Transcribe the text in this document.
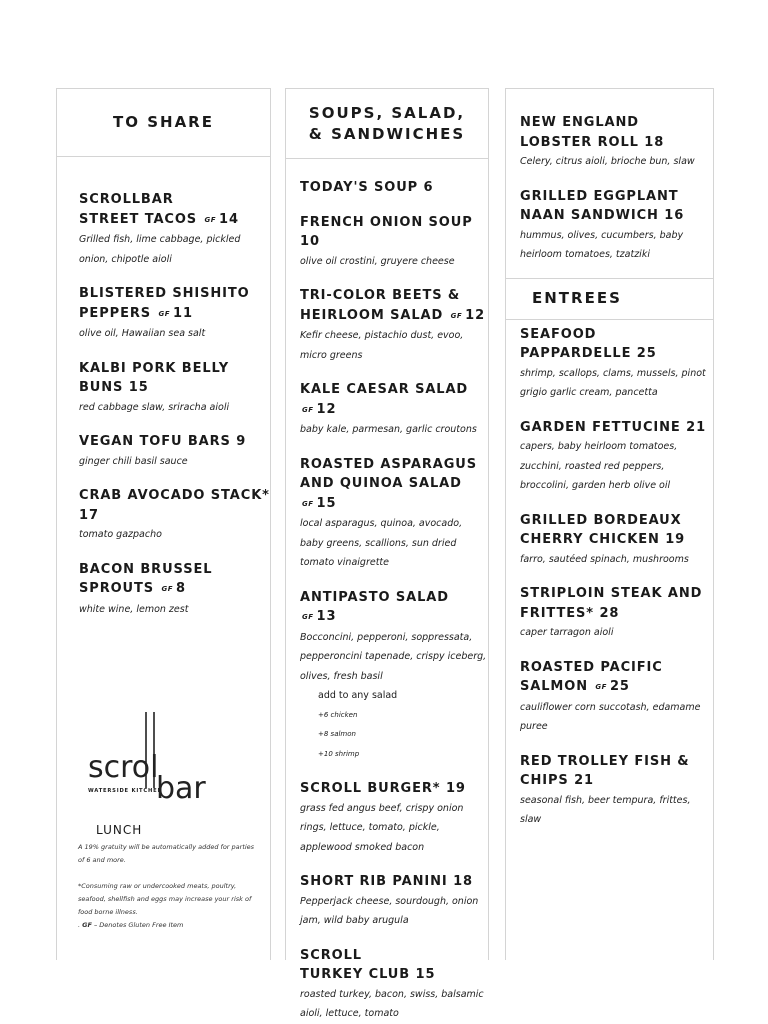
TO SHARE
SCROLLBAR
STREET TACOS GF 14
Grilled fish, lime cabbage, pickled onion, chipotle aioli
BLISTERED SHISHITO PEPPERS GF 11
olive oil, Hawaiian sea salt
KALBI PORK BELLY BUNS 15
red cabbage slaw, sriracha aioli
VEGAN TOFU BARS 9
ginger chili basil sauce
CRAB AVOCADO STACK* 17
tomato gazpacho
BACON BRUSSEL
SPROUTS GF 8
white wine, lemon zest
SOUPS, SALAD,
& SANDWICHES
TODAY'S SOUP 6
FRENCH ONION SOUP 10
olive oil crostini, gruyere cheese
TRI-COLOR BEETS &
HEIRLOOM SALAD GF 12
Kefir cheese, pistachio dust, evoo, micro greens
KALE CAESAR SALAD GF 12
baby kale, parmesan, garlic croutons
ROASTED ASPARAGUS
AND QUINOA SALAD GF 15
local asparagus, quinoa, avocado, baby greens, scallions, sun dried tomato vinaigrette
ANTIPASTO SALAD GF 13
Bocconcini, pepperoni, soppressata, pepperoncini tapenade, crispy iceberg, olives, fresh basil
add to any salad
+6 chicken
+8 salmon
+10 shrimp
SCROLL BURGER* 19
grass fed angus beef, crispy onion rings, lettuce, tomato, pickle, applewood smoked bacon
SHORT RIB PANINI 18
Pepperjack cheese, sourdough, onion jam, wild baby arugula
SCROLL
TURKEY CLUB 15
roasted turkey, bacon, swiss, balsamic aioli, lettuce, tomato
NEW ENGLAND
LOBSTER ROLL 18
Celery, citrus aioli, brioche bun, slaw
GRILLED EGGPLANT
NAAN SANDWICH 16
hummus, olives, cucumbers, baby heirloom tomatoes, tzatziki
ENTREES
SEAFOOD
PAPPARDELLE 25
shrimp, scallops, clams, mussels, pinot grigio garlic cream, pancetta
GARDEN FETTUCINE 21
capers, baby heirloom tomatoes, zucchini, roasted red peppers, broccolini, garden herb olive oil
GRILLED BORDEAUX
CHERRY CHICKEN 19
farro, sautéed spinach, mushrooms
STRIPLOIN STEAK AND
FRITTES* 28
caper tarragon aioli
ROASTED PACIFIC
SALMON GF 25
cauliflower corn succotash, edamame puree
RED TROLLEY FISH &
CHIPS 21
seasonal fish, beer tempura, frittes, slaw
scrol
bar
WATERSIDE KITCHEN
LUNCH
A 19% gratuity will be automatically added for parties of 6 and more.
*Consuming raw or undercooked meats, poultry, seafood, shellfish and eggs may increase your risk of food borne illness.
. GF – Denotes Gluten Free Item
